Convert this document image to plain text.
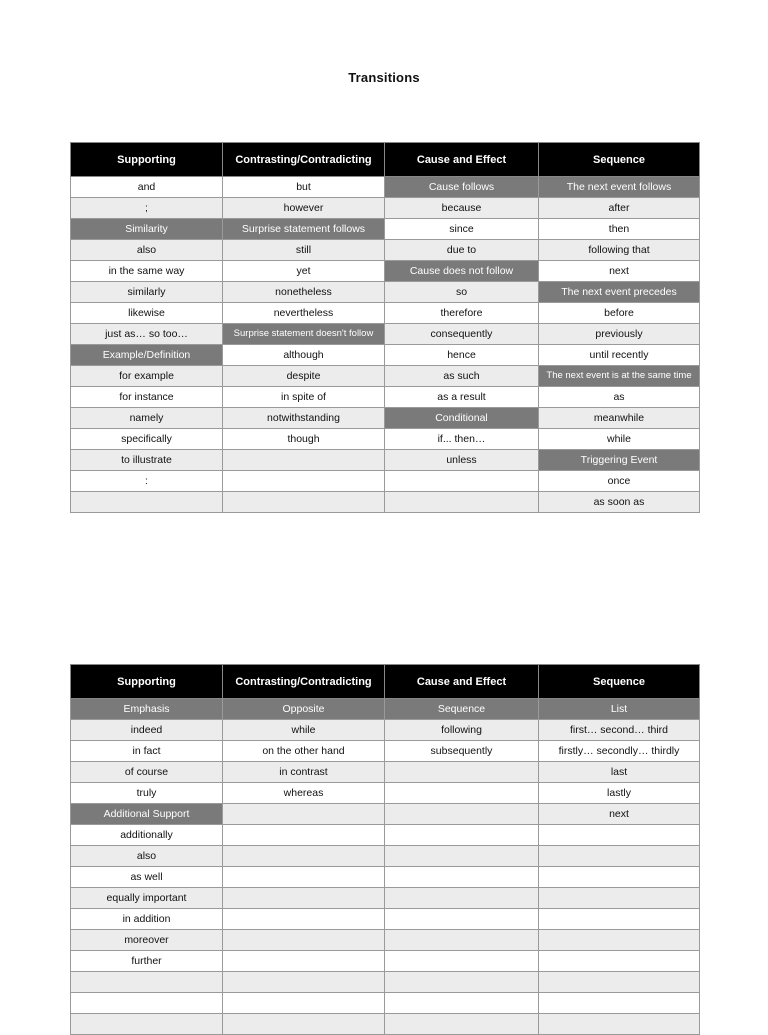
Transitions
Supporting	Contrasting/Contradicting	Cause and Effect	Sequence
and	but	Cause follows	The next event follows
;	however	because	after
Similarity	Surprise statement follows	since	then
also	still	due to	following that
in the same way	yet	Cause does not follow	next
similarly	nonetheless	so	The next event precedes
likewise	nevertheless	therefore	before
just as… so too…	Surprise statement doesn't follow	consequently	previously
Example/Definition	although	hence	until recently
for example	despite	as such	The next event is at the same time
for instance	in spite of	as a result	as
namely	notwithstanding	Conditional	meanwhile
specifically	though	if... then…	while
to illustrate		unless	Triggering Event
:			once
			as soon as
Supporting	Contrasting/Contradicting	Cause and Effect	Sequence
Emphasis	Opposite	Sequence	List
indeed	while	following	first… second… third
in fact	on the other hand	subsequently	firstly… secondly… thirdly
of course	in contrast		last
truly	whereas		lastly
Additional Support			next
additionally			
also			
as well			
equally important			
in addition			
moreover			
further			
